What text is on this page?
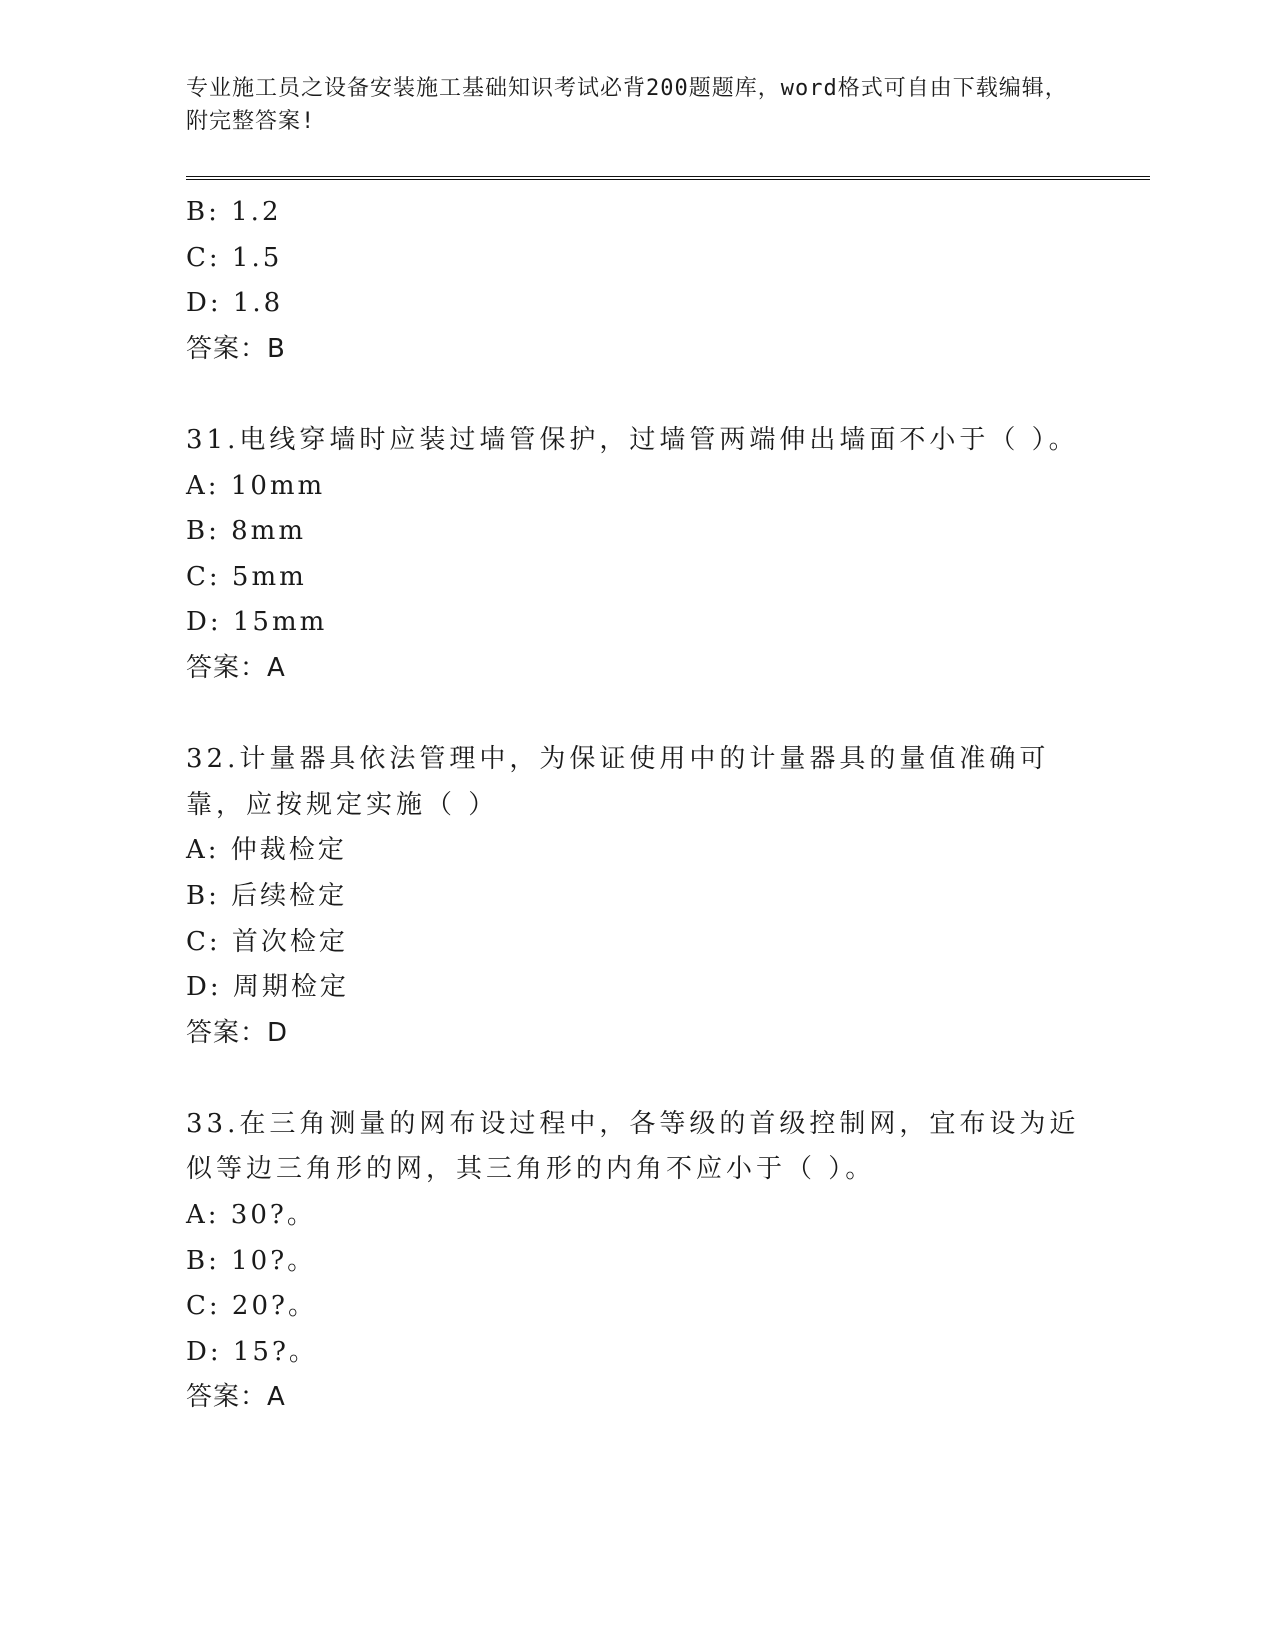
专业施工员之设备安装施工基础知识考试必背200题题库，word格式可自由下载编辑，附完整答案!

B: 1.2

C: 1.5

D: 1.8

答案：B

31.电线穿墙时应装过墙管保护，过墙管两端伸出墙面不小于（ ）。

A: 10mm

B: 8mm

C: 5mm

D: 15mm

答案：A

32.计量器具依法管理中，为保证使用中的计量器具的量值准确可靠，应按规定实施（ ）

A: 仲裁检定

B: 后续检定

C: 首次检定

D: 周期检定

答案：D

33.在三角测量的网布设过程中，各等级的首级控制网，宜布设为近似等边三角形的网，其三角形的内角不应小于（ ）。

A: 30?。

B: 10?。

C: 20?。

D: 15?。

答案：A
